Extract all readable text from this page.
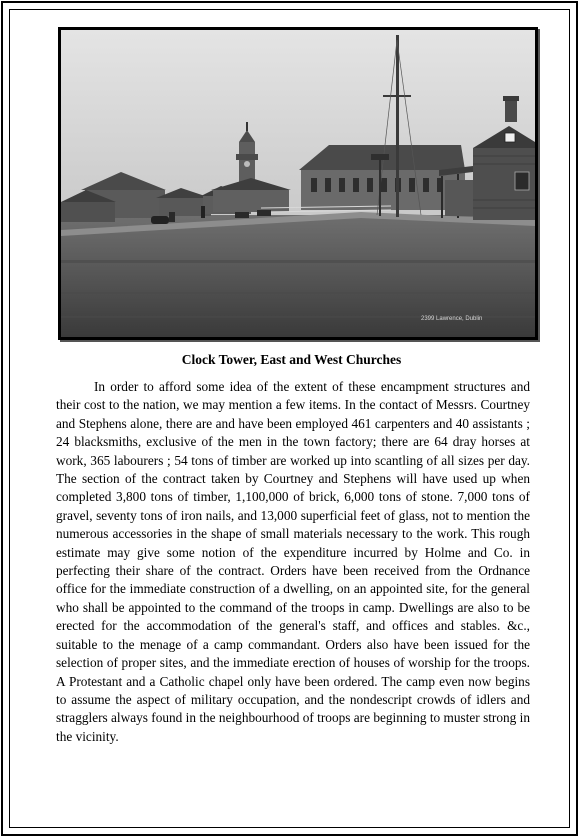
2399 Lawrence, Dublin
Clock Tower, East and West Churches

In order to afford some idea of the extent of these encampment structures and their cost to the nation, we may mention a few items. In the contact of Messrs. Courtney and Stephens alone, there are and have been employed 461 carpenters and 40 assistants ; 24 blacksmiths, exclusive of the men in the town factory; there are 64 dray horses at work, 365 labourers ; 54 tons of timber are worked up into scantling of all sizes per day. The section of the contract taken by Courtney and Stephens will have used up when completed 3,800 tons of timber, 1,100,000 of brick, 6,000 tons of stone. 7,000 tons of gravel, seventy tons of iron nails, and 13,000 superficial feet of glass, not to mention the numerous accessories in the shape of small materials necessary to the work. This rough estimate may give some notion of the expenditure incurred by Holme and Co. in perfecting their share of the contract. Orders have been received from the Ordnance office for the immediate construction of a dwelling, on an appointed site, for the general who shall be appointed to the command of the troops in camp. Dwellings are also to be erected for the accommodation of the general's staff, and offices and stables. &c., suitable to the menage of a camp commandant. Orders also have been issued for the selection of proper sites, and the immediate erection of houses of worship for the troops. A Protestant and a Catholic chapel only have been ordered. The camp even now begins to assume the aspect of military occupation, and the nondescript crowds of idlers and stragglers always found in the neighbourhood of troops are beginning to muster strong in the vicinity.
